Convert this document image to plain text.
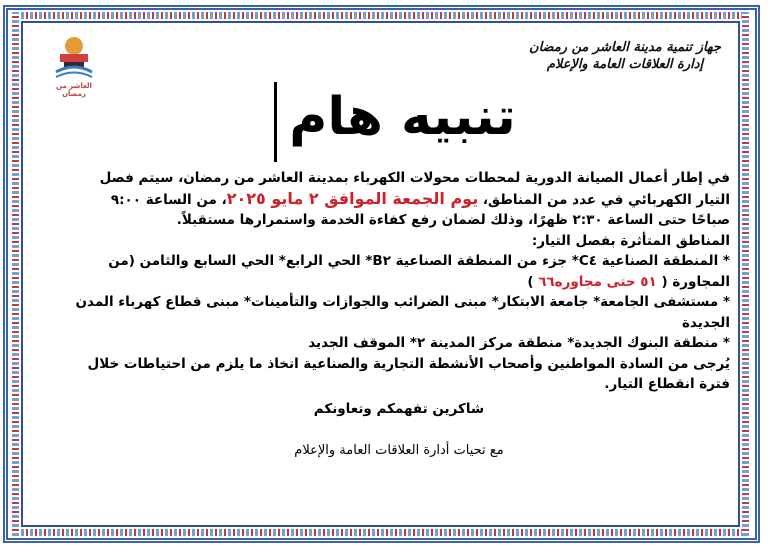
العاشر من رمضان
جهاز تنمية مدينة العاشر من رمضان
إدارة العلاقات العامة والإعلام
تنبيه هام

في إطار أعمال الصيانة الدورية لمحطات محولات الكهرباء بمدينة العاشر من رمضان، سيتم فصل التيار الكهربائي في عدد من المناطق، يوم الجمعة الموافق ٢ مايو ٢٠٢٥، من الساعة ٩:٠٠ صباحًا حتى الساعة ٢:٣٠ ظهرًا، وذلك لضمان رفع كفاءة الخدمة واستمرارها مستقبلاً.

المناطق المتأثرة بفصل التيار:

* المنطقة الصناعية C٤* جزء من المنطقة الصناعية B٢* الحي الرابع* الحي السابع والثامن (من المجاورة ( ٥١ حتى مجاوره٦٦ )

* مستشفى الجامعة* جامعة الابتكار* مبنى الضرائب والجوازات والتأمينات* مبنى قطاع كهرباء المدن الجديدة

* منطقة البنوك الجديدة* منطقة مركز المدينة ٢* الموقف الجديد

يُرجى من السادة المواطنين وأصحاب الأنشطة التجارية والصناعية اتخاذ ما يلزم من احتياطات خلال فترة انقطاع التيار.

شاكرين تفهمكم وتعاونكم

مع تحيات أدارة العلاقات العامة والإعلام
